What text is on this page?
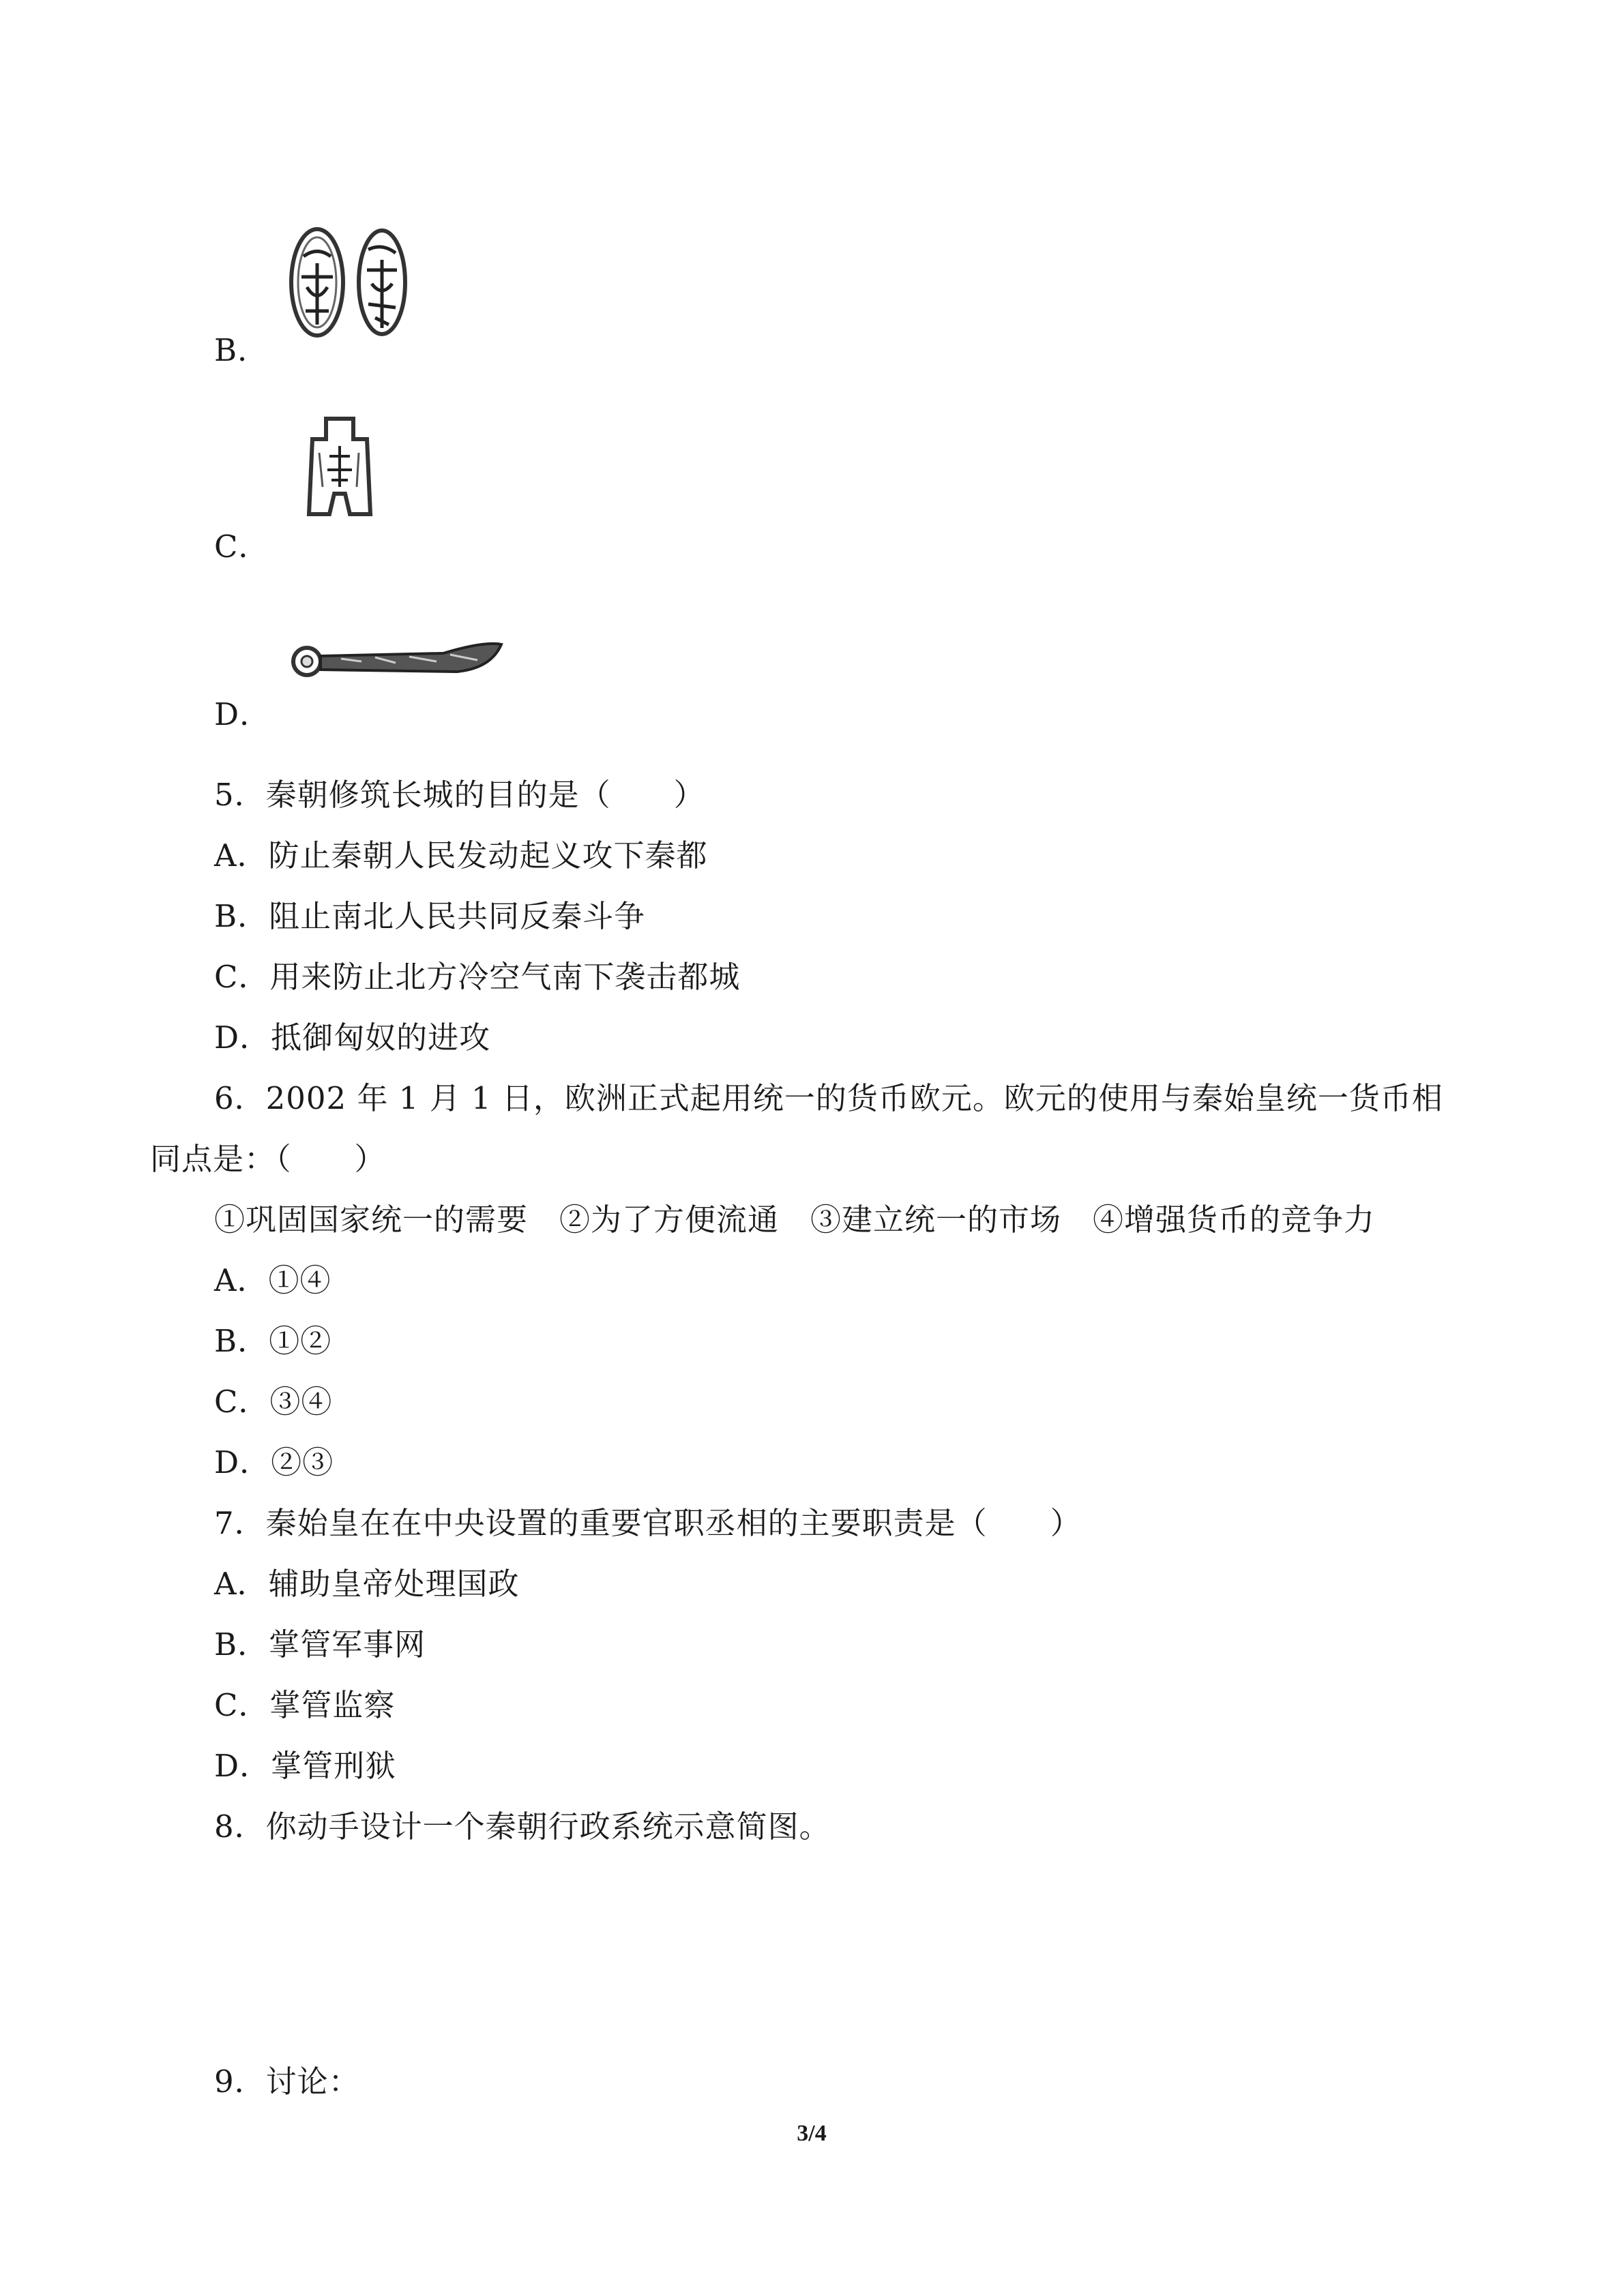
B．
C．
D．
5．秦朝修筑长城的目的是（　　）
A．防止秦朝人民发动起义攻下秦都
B．阻止南北人民共同反秦斗争
C．用来防止北方冷空气南下袭击都城
D．抵御匈奴的进攻
6．2002 年 1 月 1 日，欧洲正式起用统一的货币欧元。欧元的使用与秦始皇统一货币相
同点是：（　　）
①巩固国家统一的需要　②为了方便流通　③建立统一的市场　④增强货币的竞争力
A．①④
B．①②
C．③④
D．②③
7．秦始皇在在中央设置的重要官职丞相的主要职责是（　　）
A．辅助皇帝处理国政
B．掌管军事网
C．掌管监察
D．掌管刑狱
8．你动手设计一个秦朝行政系统示意简图。
9．讨论：
3/4
